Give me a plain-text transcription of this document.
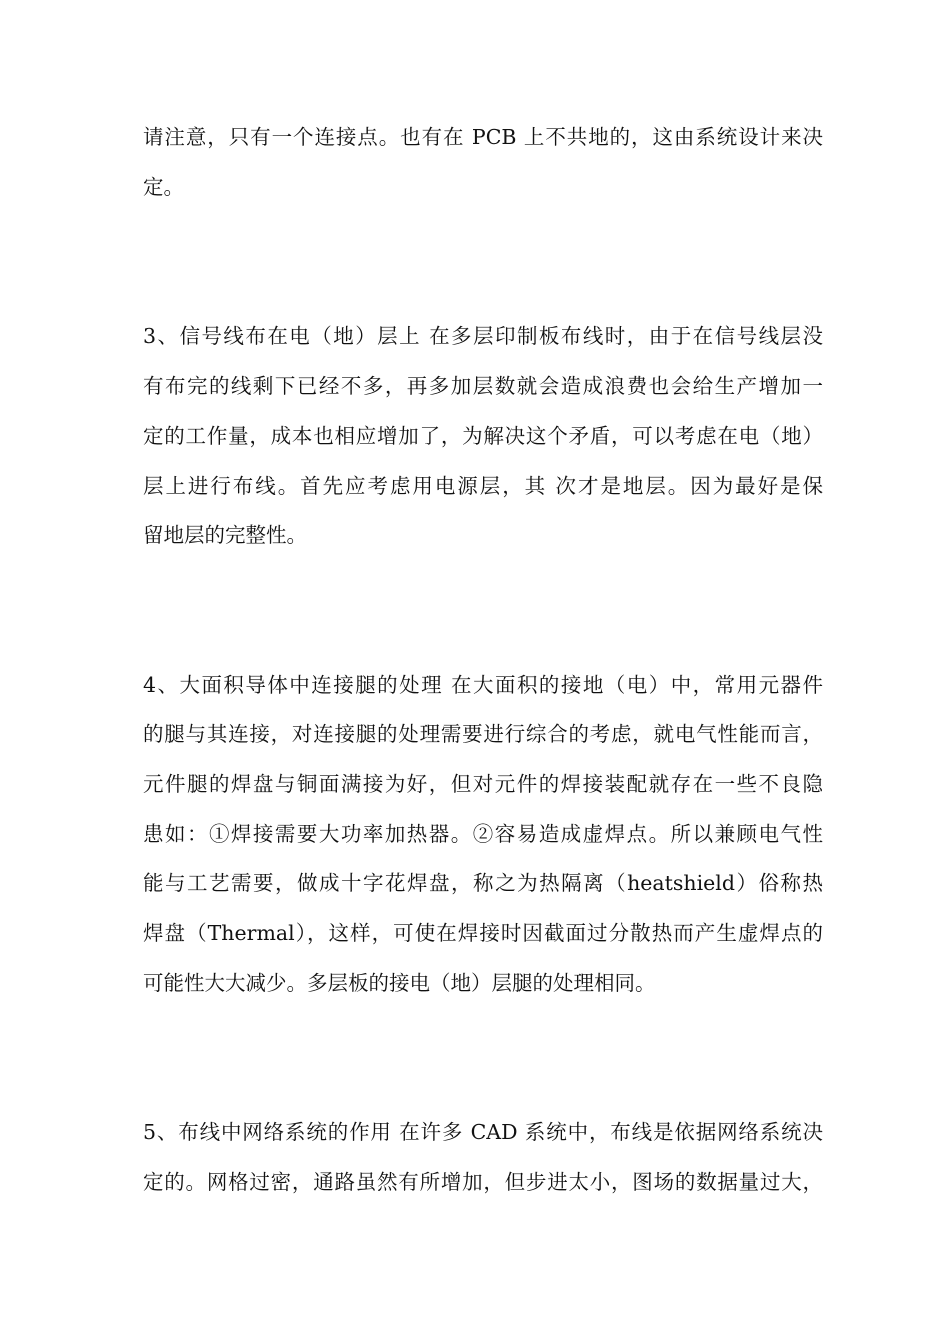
请注意，只有一个连接点。也有在 PCB 上不共地的，这由系统设计来决
定。
3、信号线布在电（地）层上 在多层印制板布线时，由于在信号线层没
有布完的线剩下已经不多，再多加层数就会造成浪费也会给生产增加一
定的工作量，成本也相应增加了，为解决这个矛盾，可以考虑在电（地）
层上进行布线。首先应考虑用电源层，其 次才是地层。因为最好是保
留地层的完整性。
4、大面积导体中连接腿的处理 在大面积的接地（电）中，常用元器件
的腿与其连接，对连接腿的处理需要进行综合的考虑，就电气性能而言，
元件腿的焊盘与铜面满接为好，但对元件的焊接装配就存在一些不良隐
患如：①焊接需要大功率加热器。②容易造成虚焊点。所以兼顾电气性
能与工艺需要，做成十字花焊盘，称之为热隔离（heatshield）俗称热
焊盘（Thermal），这样，可使在焊接时因截面过分散热而产生虚焊点的
可能性大大减少。多层板的接电（地）层腿的处理相同。
5、布线中网络系统的作用 在许多 CAD 系统中，布线是依据网络系统决
定的。网格过密，通路虽然有所增加，但步进太小，图场的数据量过大，
